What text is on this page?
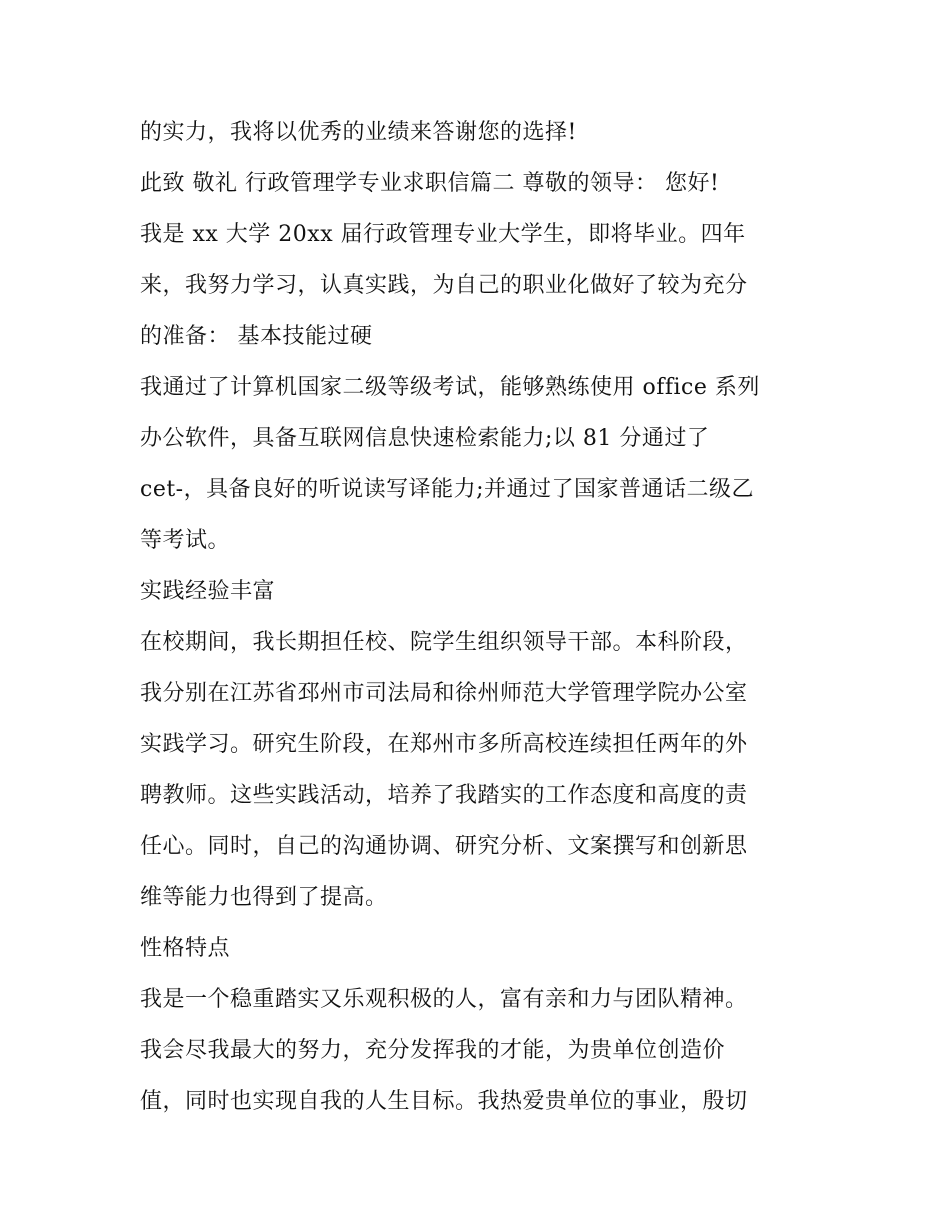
的实力，我将以优秀的业绩来答谢您的选择!
此致 敬礼 行政管理学专业求职信篇二 尊敬的领导： 您好!
我是 xx 大学 20xx 届行政管理专业大学生，即将毕业。四年
来，我努力学习，认真实践，为自己的职业化做好了较为充分
的准备： 基本技能过硬
我通过了计算机国家二级等级考试，能够熟练使用 office 系列
办公软件，具备互联网信息快速检索能力;以 81 分通过了
cet-，具备良好的听说读写译能力;并通过了国家普通话二级乙
等考试。
实践经验丰富
在校期间，我长期担任校、院学生组织领导干部。本科阶段，
我分别在江苏省邳州市司法局和徐州师范大学管理学院办公室
实践学习。研究生阶段，在郑州市多所高校连续担任两年的外
聘教师。这些实践活动，培养了我踏实的工作态度和高度的责
任心。同时，自己的沟通协调、研究分析、文案撰写和创新思
维等能力也得到了提高。
性格特点
我是一个稳重踏实又乐观积极的人，富有亲和力与团队精神。
我会尽我最大的努力，充分发挥我的才能，为贵单位创造价
值，同时也实现自我的人生目标。我热爱贵单位的事业，殷切
